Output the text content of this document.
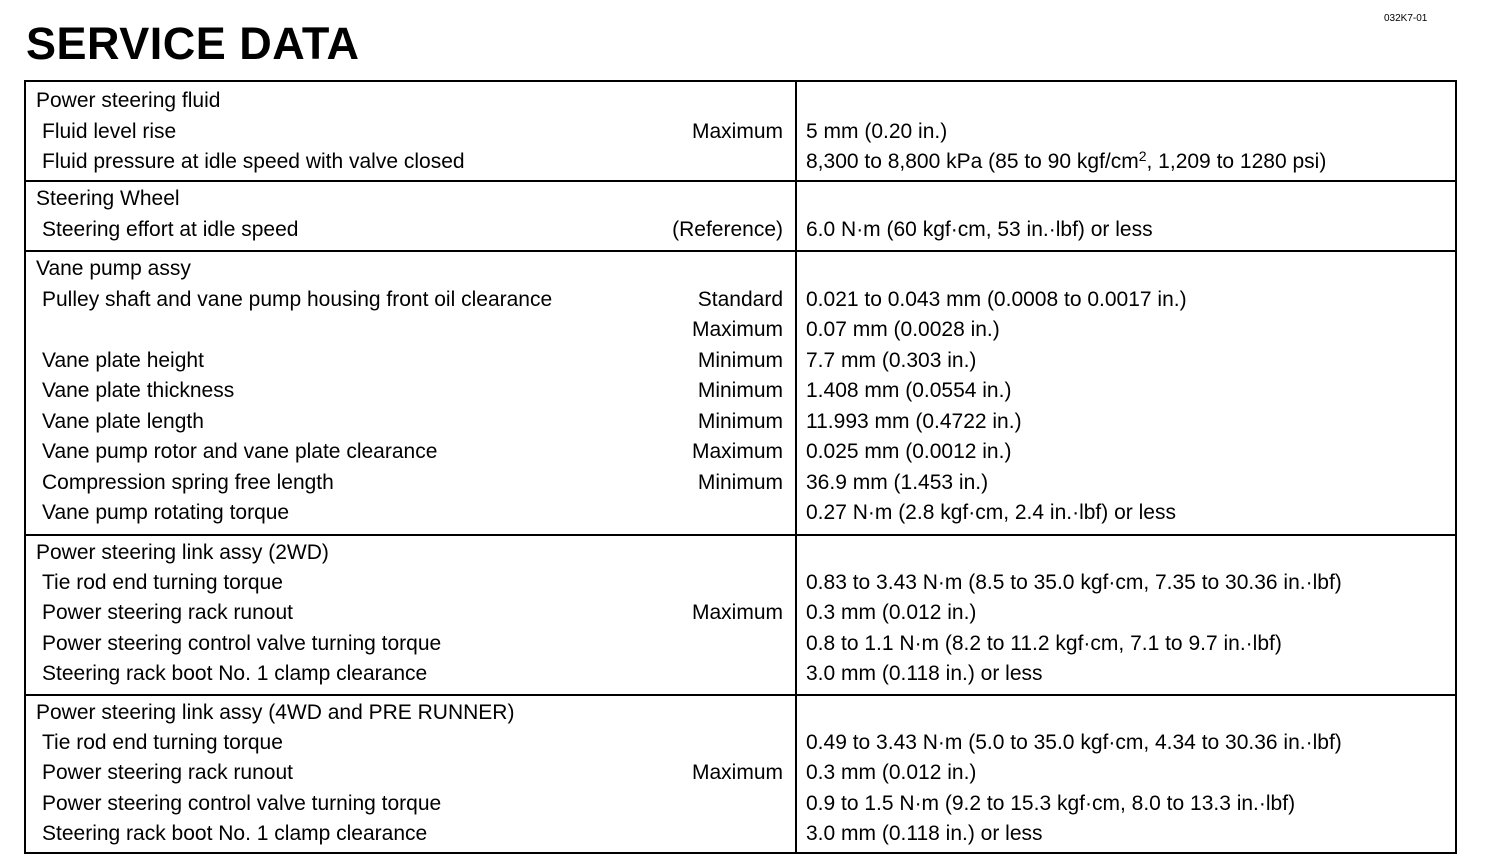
SERVICE DATA	032K7-01
Power steering fluid
Fluid level rise	Maximum 5 mm (0.20 in.)
Fluid pressure at idle speed with valve closed	8,300 to 8,800 kPa (85 to 90 kgf/$cm^2$, 1,209 to 1280 psi)
Steering Wheel
Steering effort at idle speed	(Reference) 6.0 N·m (60 kgf·cm, 53 in.·lbf) or less
Vane pump assy
Pulley shaft and vane pump housing front oil clearance	Standard 0.021 to 0.043 mm (0.0008 to 0.0017 in.)
Maximum 0.07 mm (0.0028 in.)
Vane plate height	Minimum 7.7 mm (0.303 in.)
Vane plate thickness	Minimum 1.408 mm (0.0554 in.)
Vane plate length	Minimum 11.993 mm (0.4722 in.)
Vane pump rotor and vane plate clearance	Maximum 0.025 mm (0.0012 in.)
Compression spring free length	Minimum 36.9 mm (1.453 in.)
Vane pump rotating torque	0.27 N·m (2.8 kgf·cm, 2.4 in.·lbf) or less
Power steering link assy (2WD)
Tie rod end turning torque	0.83 to 3.43 N·m (8.5 to 35.0 kgf·cm, 7.35 to 30.36 in.·lbf)
Power steering rack runout	Maximum 0.3 mm (0.012 in.)
Power steering control valve turning torque	0.8 to 1.1 N·m (8.2 to 11.2 kgf·cm, 7.1 to 9.7 in.·lbf)
Steering rack boot No. 1 clamp clearance	3.0 mm (0.118 in.) or less
Power steering link assy (4WD and PRE RUNNER)
Tie rod end turning torque	0.49 to 3.43 N·m (5.0 to 35.0 kgf·cm, 4.34 to 30.36 in.·lbf)
Power steering rack runout	Maximum 0.3 mm (0.012 in.)
Power steering control valve turning torque	0.9 to 1.5 N·m (9.2 to 15.3 kgf·cm, 8.0 to 13.3 in.·lbf)
Steering rack boot No. 1 clamp clearance	3.0 mm (0.118 in.) or less
